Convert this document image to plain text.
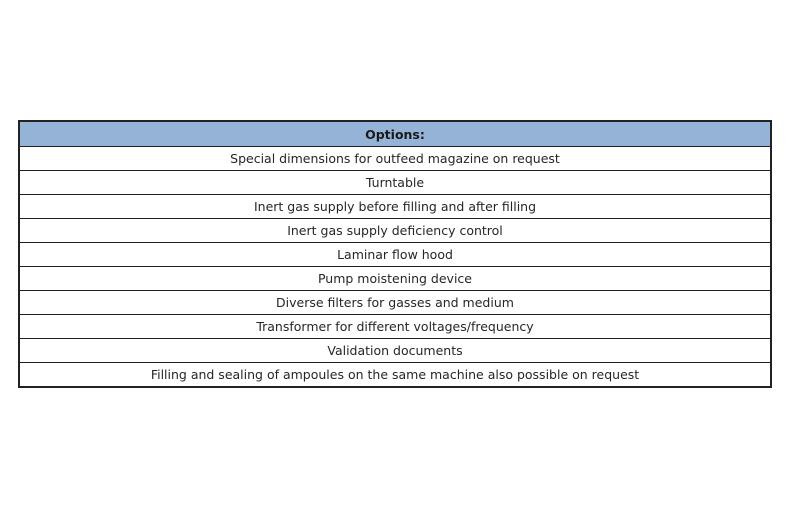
Options:
Special dimensions for outfeed magazine on request
Turntable
Inert gas supply before filling and after filling
Inert gas supply deficiency control
Laminar flow hood
Pump moistening device
Diverse filters for gasses and medium
Transformer for different voltages/frequency
Validation documents
Filling and sealing of ampoules on the same machine also possible on request
